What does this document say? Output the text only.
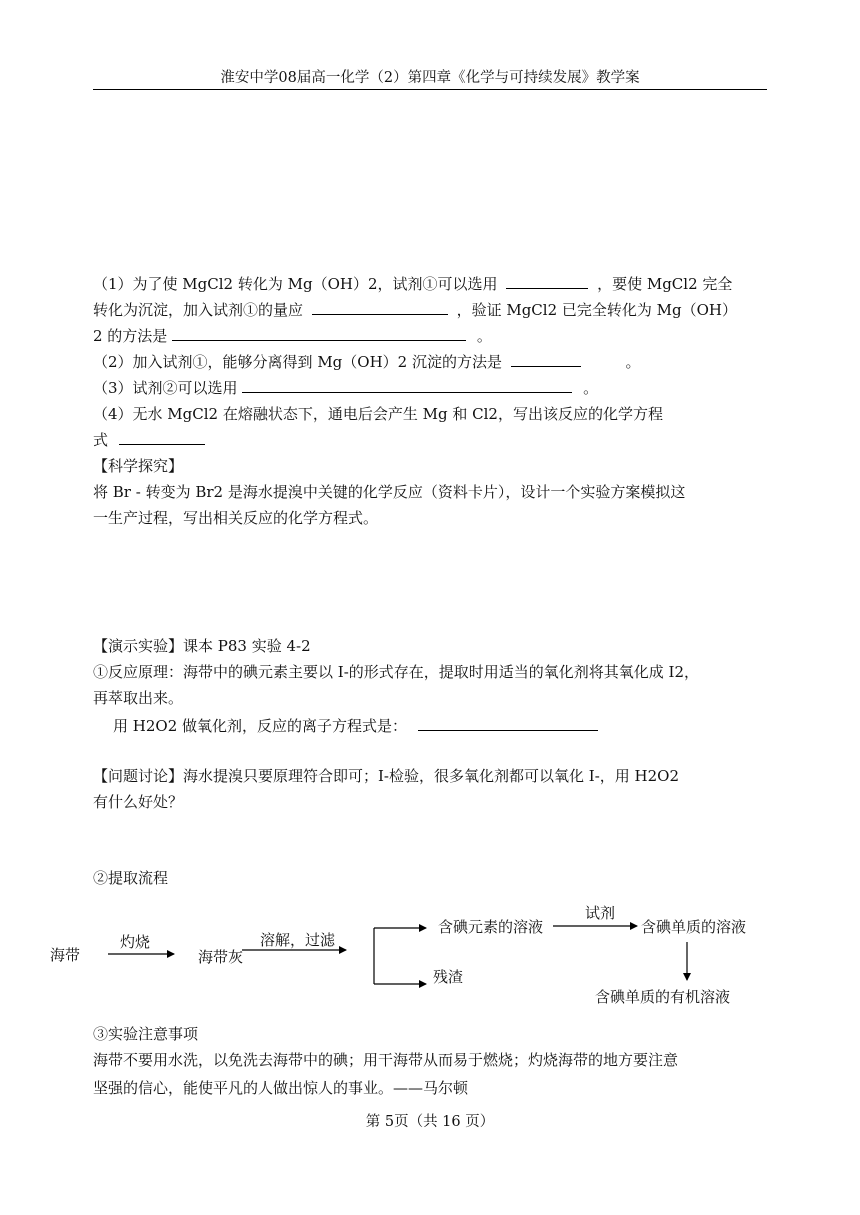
淮安中学08届高一化学（2）第四章《化学与可持续发展》教学案
（1）为了使 MgCl2 转化为 Mg（OH）2，试剂①可以选用	，要使 MgCl2 完全
转化为沉淀，加入试剂①的量应	，验证 MgCl2 已完全转化为 Mg（OH）
2 的方法是	。
（2）加入试剂①，能够分离得到 Mg（OH）2 沉淀的方法是	。
（3）试剂②可以选用	。
（4）无水 MgCl2 在熔融状态下，通电后会产生 Mg 和 Cl2，写出该反应的化学方程
式
【科学探究】
将 Br - 转变为 Br2 是海水提溴中关键的化学反应（资料卡片），设计一个实验方案模拟这
一生产过程，写出相关反应的化学方程式。
【演示实验】课本 P83 实验 4-2
①反应原理：海带中的碘元素主要以 I-的形式存在，提取时用适当的氧化剂将其氧化成 I2，
再萃取出来。
用 H2O2 做氧化剂，反应的离子方程式是：
【问题讨论】海水提溴只要原理符合即可；I-检验，很多氧化剂都可以氧化 I-，用 H2O2
有什么好处？
②提取流程
海带
灼烧
海带灰
溶解，过滤
含碘元素的溶液
试剂
含碘单质的溶液
残渣
含碘单质的有机溶液
③实验注意事项
海带不要用水洗，以免洗去海带中的碘；用干海带从而易于燃烧；灼烧海带的地方要注意
坚强的信心，能使平凡的人做出惊人的事业。——马尔顿
第 5页（共 16 页）
